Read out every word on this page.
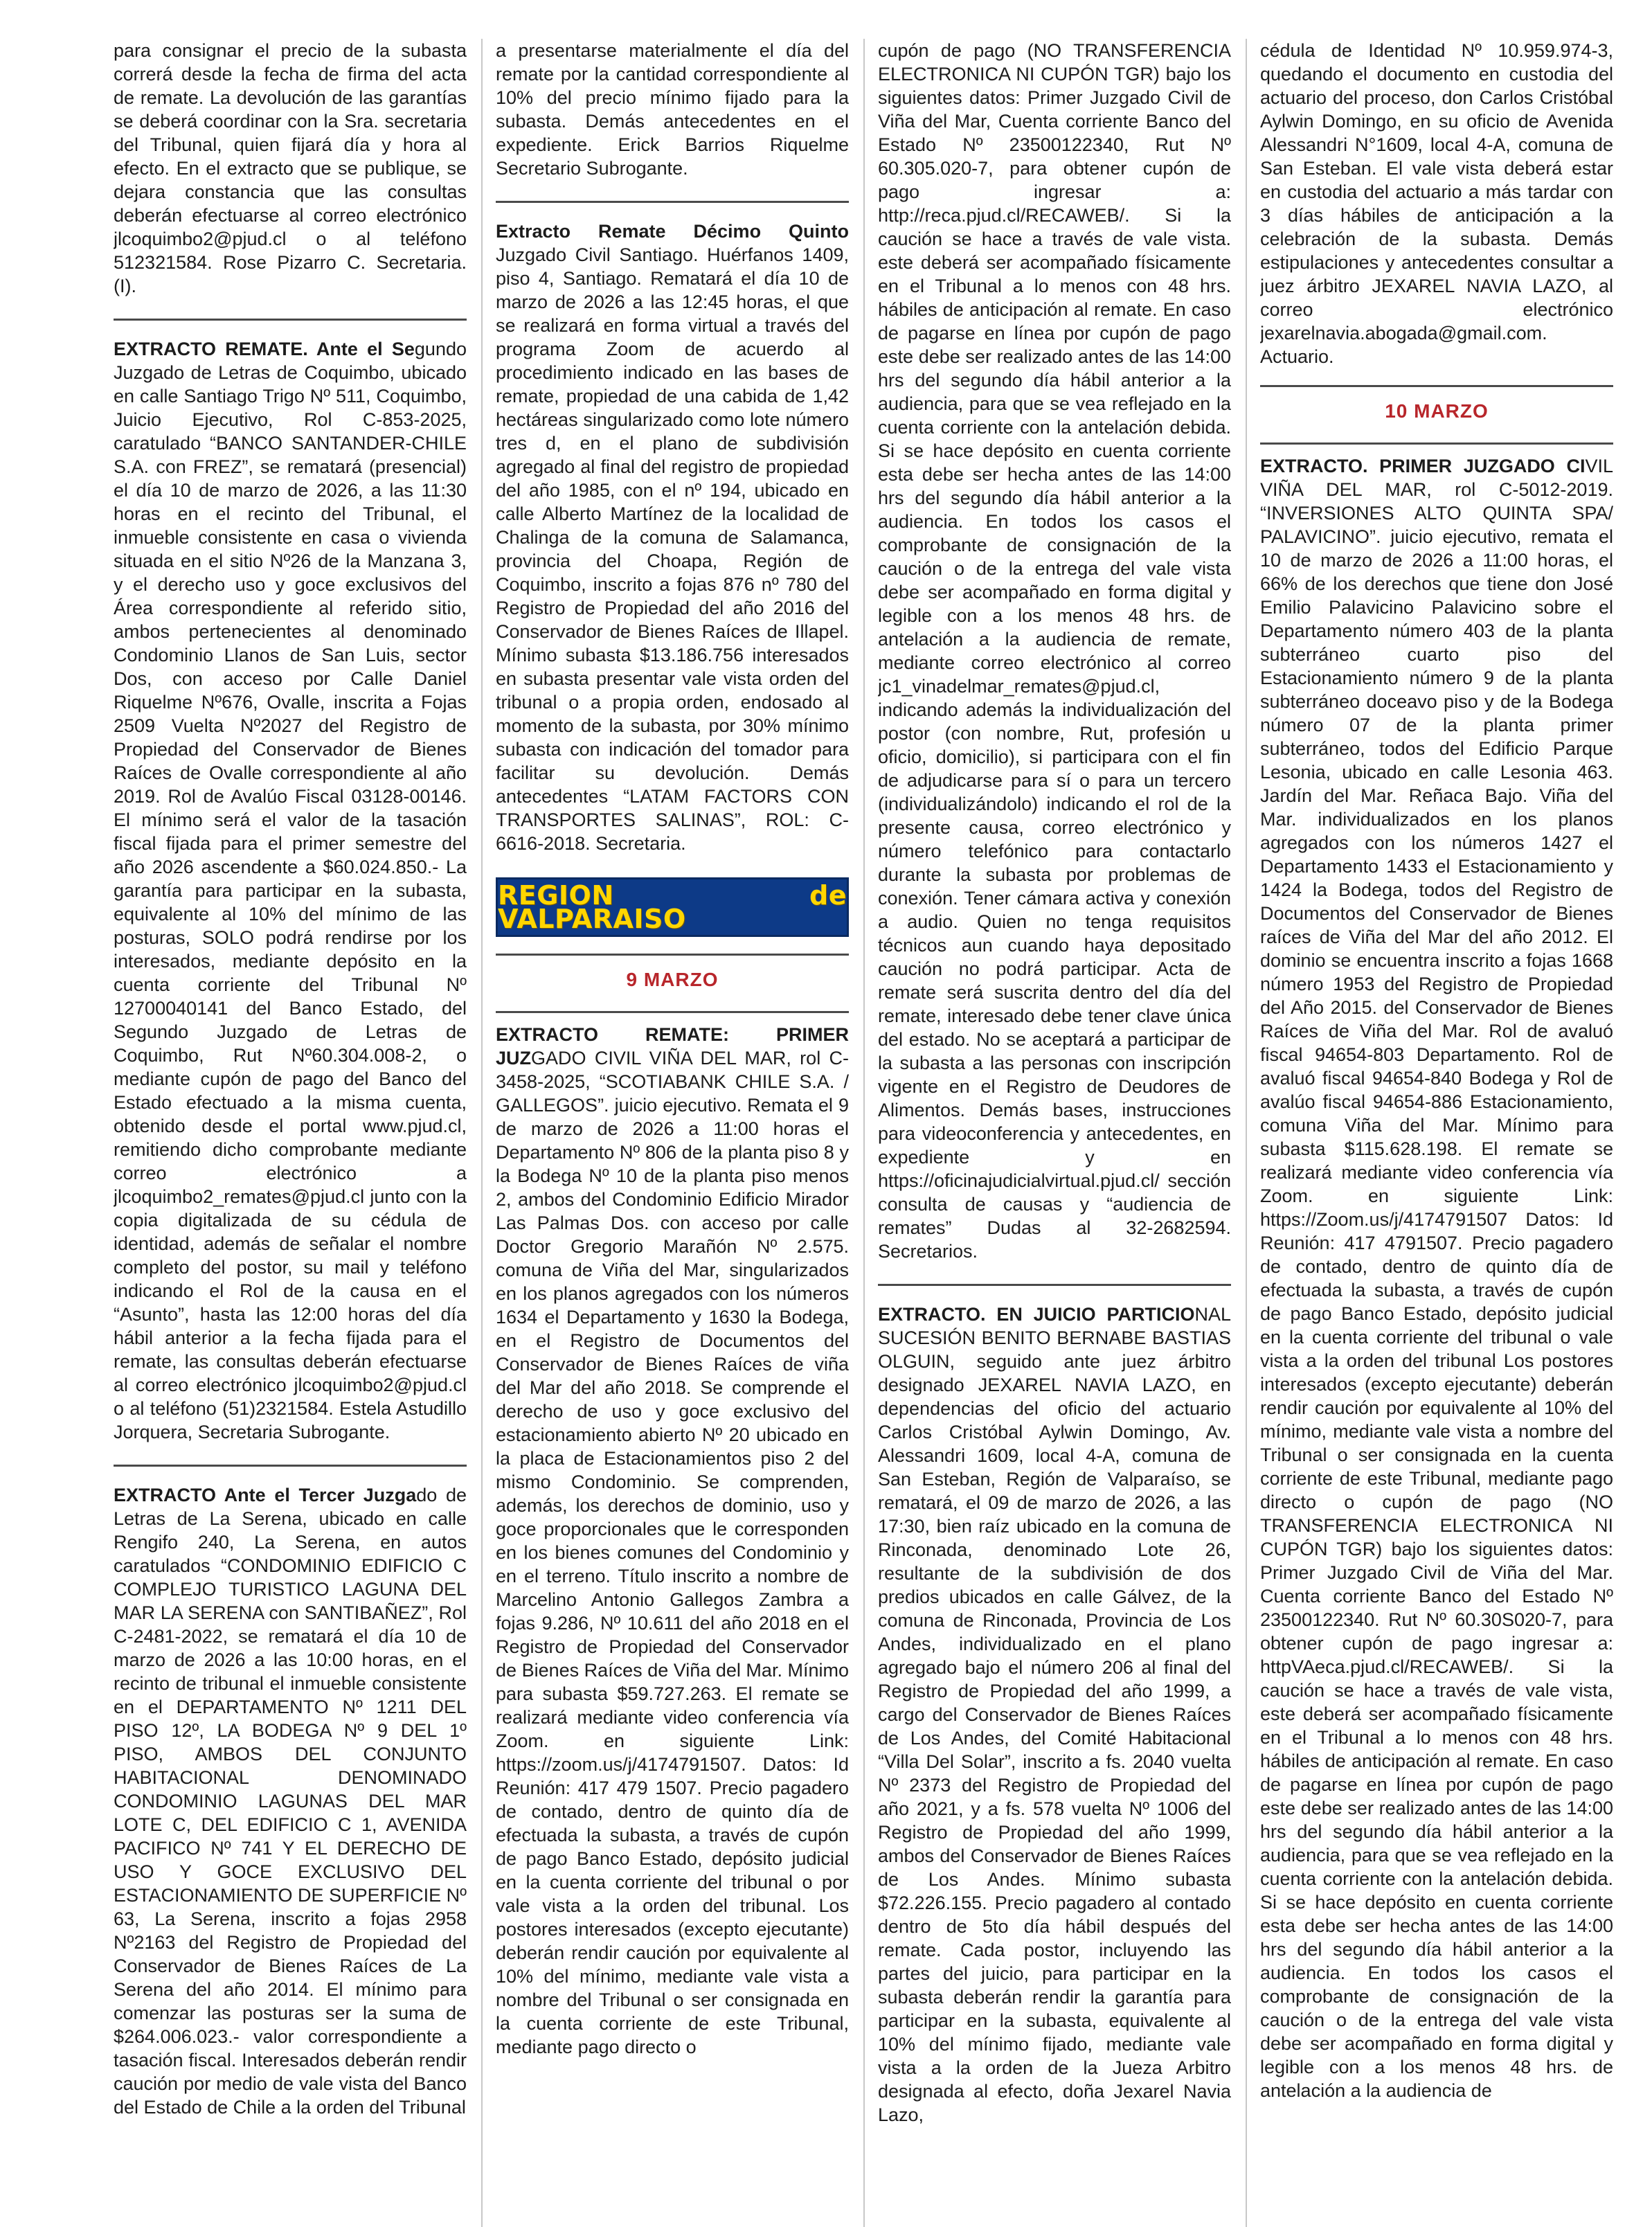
para consignar el precio de la subasta correrá desde la fecha de firma del acta de remate. La devolución de las garantías se deberá coordinar con la Sra. secretaria del Tribunal, quien fijará día y hora al efecto. En el extracto que se publique, se dejara constancia que las consultas deberán efectuarse al correo electrónico jlcoquimbo2@pjud.cl o al teléfono 512321584. Rose Pizarro C. Secretaria. (I).

EXTRACTO REMATE. Ante el Segundo Juzgado de Letras de Coquimbo, ubicado en calle Santiago Trigo Nº 511, Coquimbo, Juicio Ejecutivo, Rol C-853-2025, caratulado “BANCO SANTANDER-CHILE S.A. con FREZ”, se rematará (presencial) el día 10 de marzo de 2026, a las 11:30 horas en el recinto del Tribunal, el inmueble consistente en casa o vivienda situada en el sitio Nº26 de la Manzana 3, y el derecho uso y goce exclusivos del Área correspondiente al referido sitio, ambos pertenecientes al denominado Condominio Llanos de San Luis, sector Dos, con acceso por Calle Daniel Riquelme Nº676, Ovalle, inscrita a Fojas 2509 Vuelta Nº2027 del Registro de Propiedad del Conservador de Bienes Raíces de Ovalle correspondiente al año 2019. Rol de Avalúo Fiscal 03128-00146. El mínimo será el valor de la tasación fiscal fijada para el primer semestre del año 2026 ascendente a $60.024.850.- La garantía para participar en la subasta, equivalente al 10% del mínimo de las posturas, SOLO podrá rendirse por los interesados, mediante depósito en la cuenta corriente del Tribunal Nº 12700040141 del Banco Estado, del Segundo Juzgado de Letras de Coquimbo, Rut Nº60.304.008-2, o mediante cupón de pago del Banco del Estado efectuado a la misma cuenta, obtenido desde el portal www.pjud.cl, remitiendo dicho comprobante mediante correo electrónico a jlcoquimbo2_remates@pjud.cl junto con la copia digitalizada de su cédula de identidad, además de señalar el nombre completo del postor, su mail y teléfono indicando el Rol de la causa en el “Asunto”, hasta las 12:00 horas del día hábil anterior a la fecha fijada para el remate, las consultas deberán efectuarse al correo electrónico jlcoquimbo2@pjud.cl o al teléfono (51)2321584. Estela Astudillo Jorquera, Secretaria Subrogante.

EXTRACTO Ante el Tercer Juzgado de Letras de La Serena, ubicado en calle Rengifo 240, La Serena, en autos caratulados “CONDOMINIO EDIFICIO C COMPLEJO TURISTICO LAGUNA DEL MAR LA SERENA con SANTIBAÑEZ”, Rol C-2481-2022, se rematará el día 10 de marzo de 2026 a las 10:00 horas, en el recinto de tribunal el inmueble consistente en el DEPARTAMENTO Nº 1211 DEL PISO 12º, LA BODEGA Nº 9 DEL 1º PISO, AMBOS DEL CONJUNTO HABITACIONAL DENOMINADO CONDOMINIO LAGUNAS DEL MAR LOTE C, DEL EDIFICIO C 1, AVENIDA PACIFICO Nº 741 Y EL DERECHO DE USO Y GOCE EXCLUSIVO DEL ESTACIONAMIENTO DE SUPERFICIE Nº 63, La Serena, inscrito a fojas 2958 Nº2163 del Registro de Propiedad del Conservador de Bienes Raíces de La Serena del año 2014. El mínimo para comenzar las posturas ser la suma de $264.006.023.- valor correspondiente a tasación fiscal. Interesados deberán rendir caución por medio de vale vista del Banco del Estado de Chile a la orden del Tribunal

a presentarse materialmente el día del remate por la cantidad correspondiente al 10% del precio mínimo fijado para la subasta. Demás antecedentes en el expediente. Erick Barrios Riquelme Secretario Subrogante.

Extracto Remate Décimo Quinto Juzgado Civil Santiago. Huérfanos 1409, piso 4, Santiago. Rematará el día 10 de marzo de 2026 a las 12:45 horas, el que se realizará en forma virtual a través del programa Zoom de acuerdo al procedimiento indicado en las bases de remate, propiedad de una cabida de 1,42 hectáreas singularizado como lote número tres d, en el plano de subdivisión agregado al final del registro de propiedad del año 1985, con el nº 194, ubicado en calle Alberto Martínez de la localidad de Chalinga de la comuna de Salamanca, provincia del Choapa, Región de Coquimbo, inscrito a fojas 876 nº 780 del Registro de Propiedad del año 2016 del Conservador de Bienes Raíces de Illapel. Mínimo subasta $13.186.756 interesados en subasta presentar vale vista orden del tribunal o a propia orden, endosado al momento de la subasta, por 30% mínimo subasta con indicación del tomador para facilitar su devolución. Demás antecedentes “LATAM FACTORS CON TRANSPORTES SALINAS”, ROL: C-6616-2018. Secretaria.

REGION de VALPARAISO
9 MARZO

EXTRACTO REMATE: PRIMER JUZGADO CIVIL VIÑA DEL MAR, rol C-3458-2025, “SCOTIABANK CHILE S.A. / GALLEGOS”. juicio ejecutivo. Remata el 9 de marzo de 2026 a 11:00 horas el Departamento Nº 806 de la planta piso 8 y la Bodega Nº 10 de la planta piso menos 2, ambos del Condominio Edificio Mirador Las Palmas Dos. con acceso por calle Doctor Gregorio Marañón Nº 2.575. comuna de Viña del Mar, singularizados en los planos agregados con los números 1634 el Departamento y 1630 la Bodega, en el Registro de Documentos del Conservador de Bienes Raíces de viña del Mar del año 2018. Se comprende el derecho de uso y goce exclusivo del estacionamiento abierto Nº 20 ubicado en la placa de Estacionamientos piso 2 del mismo Condominio. Se comprenden, además, los derechos de dominio, uso y goce proporcionales que le corresponden en los bienes comunes del Condominio y en el terreno. Título inscrito a nombre de Marcelino Antonio Gallegos Zambra a fojas 9.286, Nº 10.611 del año 2018 en el Registro de Propiedad del Conservador de Bienes Raíces de Viña del Mar. Mínimo para subasta $59.727.263. El remate se realizará mediante video conferencia vía Zoom. en siguiente Link: https://zoom.us/j/4174791507. Datos: Id Reunión: 417 479 1507. Precio pagadero de contado, dentro de quinto día de efectuada la subasta, a través de cupón de pago Banco Estado, depósito judicial en la cuenta corriente del tribunal o por vale vista a la orden del tribunal. Los postores interesados (excepto ejecutante) deberán rendir caución por equivalente al 10% del mínimo, mediante vale vista a nombre del Tribunal o ser consignada en la cuenta corriente de este Tribunal, mediante pago directo o

cupón de pago (NO TRANSFERENCIA ELECTRONICA NI CUPÓN TGR) bajo los siguientes datos: Primer Juzgado Civil de Viña del Mar, Cuenta corriente Banco del Estado Nº 23500122340, Rut Nº 60.305.020-7, para obtener cupón de pago ingresar a: http://reca.pjud.cl/RECAWEB/. Si la caución se hace a través de vale vista. este deberá ser acompañado físicamente en el Tribunal a lo menos con 48 hrs. hábiles de anticipación al remate. En caso de pagarse en línea por cupón de pago este debe ser realizado antes de las 14:00 hrs del segundo día hábil anterior a la audiencia, para que se vea reflejado en la cuenta corriente con la antelación debida. Si se hace depósito en cuenta corriente esta debe ser hecha antes de las 14:00 hrs del segundo día hábil anterior a la audiencia. En todos los casos el comprobante de consignación de la caución o de la entrega del vale vista debe ser acompañado en forma digital y legible con a los menos 48 hrs. de antelación a la audiencia de remate, mediante correo electrónico al correo jc1_vinadelmar_remates@pjud.cl, indicando además la individualización del postor (con nombre, Rut, profesión u oficio, domicilio), si participara con el fin de adjudicarse para sí o para un tercero (individualizándolo) indicando el rol de la presente causa, correo electrónico y número telefónico para contactarlo durante la subasta por problemas de conexión. Tener cámara activa y conexión a audio. Quien no tenga requisitos técnicos aun cuando haya depositado caución no podrá participar. Acta de remate será suscrita dentro del día del remate, interesado debe tener clave única del estado. No se aceptará a participar de la subasta a las personas con inscripción vigente en el Registro de Deudores de Alimentos. Demás bases, instrucciones para videoconferencia y antecedentes, en expediente y en https://oficinajudicialvirtual.pjud.cl/ sección consulta de causas y “audiencia de remates” Dudas al 32-2682594. Secretarios.

EXTRACTO. EN JUICIO PARTICIONAL SUCESIÓN BENITO BERNABE BASTIAS OLGUIN, seguido ante juez árbitro designado JEXAREL NAVIA LAZO, en dependencias del oficio del actuario Carlos Cristóbal Aylwin Domingo, Av. Alessandri 1609, local 4-A, comuna de San Esteban, Región de Valparaíso, se rematará, el 09 de marzo de 2026, a las 17:30, bien raíz ubicado en la comuna de Rinconada, denominado Lote 26, resultante de la subdivisión de dos predios ubicados en calle Gálvez, de la comuna de Rinconada, Provincia de Los Andes, individualizado en el plano agregado bajo el número 206 al final del Registro de Propiedad del año 1999, a cargo del Conservador de Bienes Raíces de Los Andes, del Comité Habitacional “Villa Del Solar”, inscrito a fs. 2040 vuelta Nº 2373 del Registro de Propiedad del año 2021, y a fs. 578 vuelta Nº 1006 del Registro de Propiedad del año 1999, ambos del Conservador de Bienes Raíces de Los Andes. Mínimo subasta $72.226.155. Precio pagadero al contado dentro de 5to día hábil después del remate. Cada postor, incluyendo las partes del juicio, para participar en la subasta deberán rendir la garantía para participar en la subasta, equivalente al 10% del mínimo fijado, mediante vale vista a la orden de la Jueza Arbitro designada al efecto, doña Jexarel Navia Lazo,

cédula de Identidad Nº 10.959.974-3, quedando el documento en custodia del actuario del proceso, don Carlos Cristóbal Aylwin Domingo, en su oficio de Avenida Alessandri N°1609, local 4-A, comuna de San Esteban. El vale vista deberá estar en custodia del actuario a más tardar con 3 días hábiles de anticipación a la celebración de la subasta. Demás estipulaciones y antecedentes consultar a juez árbitro JEXAREL NAVIA LAZO, al correo electrónico jexarelnavia.abogada@gmail.com. Actuario.

10 MARZO

EXTRACTO. PRIMER JUZGADO CIVIL VIÑA DEL MAR, rol C-5012-2019. “INVERSIONES ALTO QUINTA SPA/ PALAVICINO”. juicio ejecutivo, remata el 10 de marzo de 2026 a 11:00 horas, el 66% de los derechos que tiene don José Emilio Palavicino Palavicino sobre el Departamento número 403 de la planta subterráneo cuarto piso del Estacionamiento número 9 de la planta subterráneo doceavo piso y de la Bodega número 07 de la planta primer subterráneo, todos del Edificio Parque Lesonia, ubicado en calle Lesonia 463. Jardín del Mar. Reñaca Bajo. Viña del Mar. individualizados en los planos agregados con los números 1427 el Departamento 1433 el Estacionamiento y 1424 la Bodega, todos del Registro de Documentos del Conservador de Bienes raíces de Viña del Mar del año 2012. El dominio se encuentra inscrito a fojas 1668 número 1953 del Registro de Propiedad del Año 2015. del Conservador de Bienes Raíces de Viña del Mar. Rol de avaluó fiscal 94654-803 Departamento. Rol de avaluó fiscal 94654-840 Bodega y Rol de avalúo fiscal 94654-886 Estacionamiento, comuna Viña del Mar. Mínimo para subasta $115.628.198. El remate se realizará mediante video conferencia vía Zoom. en siguiente Link: https://Zoom.us/j/4174791507 Datos: Id Reunión: 417 4791507. Precio pagadero de contado, dentro de quinto día de efectuada la subasta, a través de cupón de pago Banco Estado, depósito judicial en la cuenta corriente del tribunal o vale vista a la orden del tribunal Los postores interesados (excepto ejecutante) deberán rendir caución por equivalente al 10% del mínimo, mediante vale vista a nombre del Tribunal o ser consignada en la cuenta corriente de este Tribunal, mediante pago directo o cupón de pago (NO TRANSFERENCIA ELECTRONICA NI CUPÓN TGR) bajo los siguientes datos: Primer Juzgado Civil de Viña del Mar. Cuenta corriente Banco del Estado Nº 23500122340. Rut Nº 60.30S020-7, para obtener cupón de pago ingresar a: httpVAeca.pjud.cl/RECAWEB/. Si la caución se hace a través de vale vista, este deberá ser acompañado físicamente en el Tribunal a lo menos con 48 hrs. hábiles de anticipación al remate. En caso de pagarse en línea por cupón de pago este debe ser realizado antes de las 14:00 hrs del segundo día hábil anterior a la audiencia, para que se vea reflejado en la cuenta corriente con la antelación debida. Si se hace depósito en cuenta corriente esta debe ser hecha antes de las 14:00 hrs del segundo día hábil anterior a la audiencia. En todos los casos el comprobante de consignación de la caución o de la entrega del vale vista debe ser acompañado en forma digital y legible con a los menos 48 hrs. de antelación a la audiencia de
